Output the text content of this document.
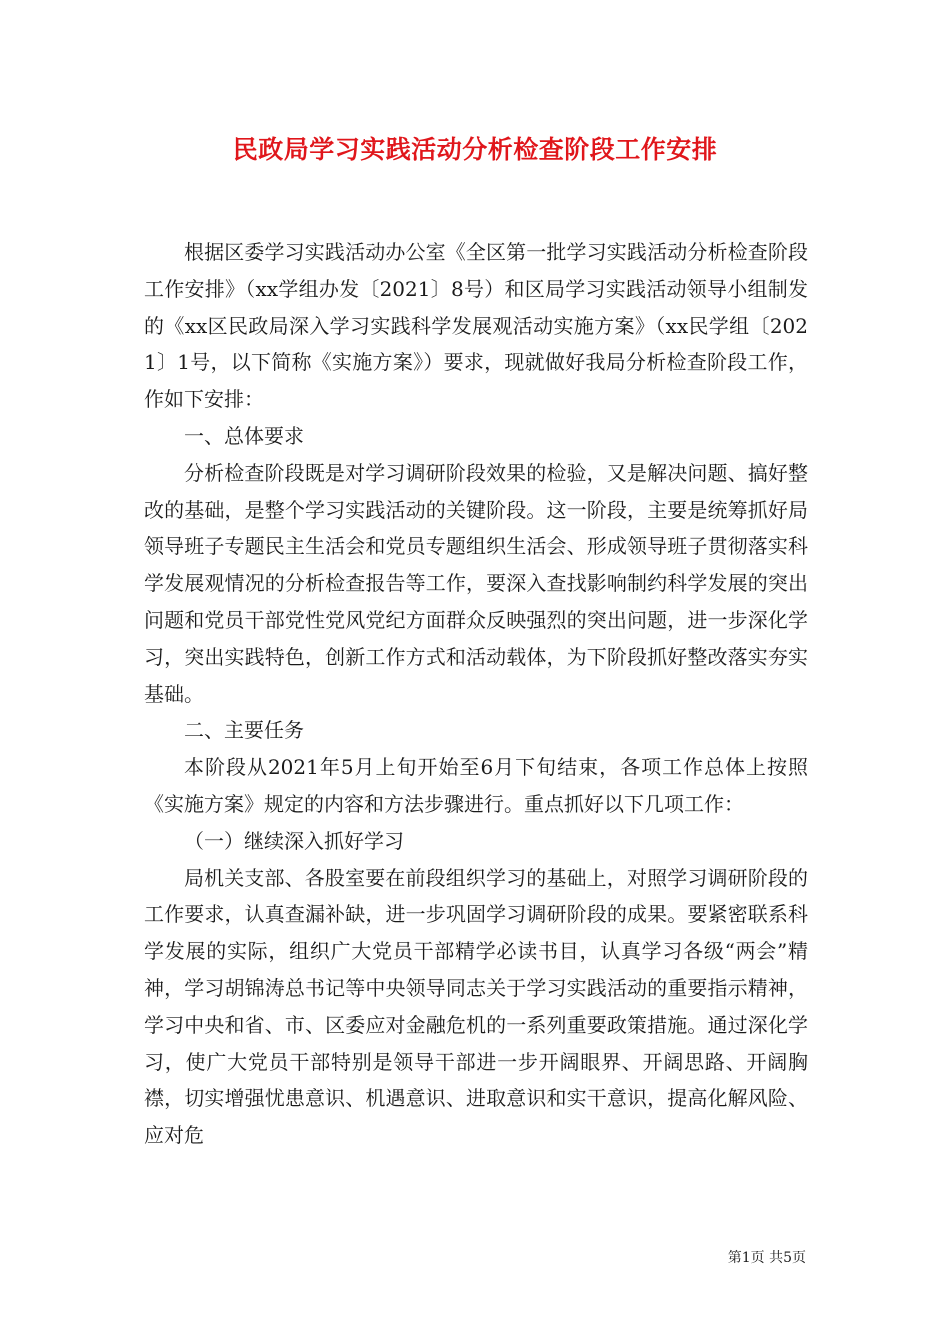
民政局学习实践活动分析检查阶段工作安排

根据区委学习实践活动办公室《全区第一批学习实践活动分析检查阶段工作安排》（xx学组办发〔2021〕8号）和区局学习实践活动领导小组制发的《xx区民政局深入学习实践科学发展观活动实施方案》（xx民学组〔2021〕1号，以下简称《实施方案》）要求，现就做好我局分析检查阶段工作，作如下安排：

一、总体要求

分析检查阶段既是对学习调研阶段效果的检验，又是解决问题、搞好整改的基础，是整个学习实践活动的关键阶段。这一阶段，主要是统筹抓好局领导班子专题民主生活会和党员专题组织生活会、形成领导班子贯彻落实科学发展观情况的分析检查报告等工作，要深入查找影响制约科学发展的突出问题和党员干部党性党风党纪方面群众反映强烈的突出问题，进一步深化学习，突出实践特色，创新工作方式和活动载体，为下阶段抓好整改落实夯实基础。

二、主要任务

本阶段从2021年5月上旬开始至6月下旬结束，各项工作总体上按照《实施方案》规定的内容和方法步骤进行。重点抓好以下几项工作：

（一）继续深入抓好学习

局机关支部、各股室要在前段组织学习的基础上，对照学习调研阶段的工作要求，认真查漏补缺，进一步巩固学习调研阶段的成果。要紧密联系科学发展的实际，组织广大党员干部精学必读书目，认真学习各级“两会”精神，学习胡锦涛总书记等中央领导同志关于学习实践活动的重要指示精神，学习中央和省、市、区委应对金融危机的一系列重要政策措施。通过深化学习，使广大党员干部特别是领导干部进一步开阔眼界、开阔思路、开阔胸襟，切实增强忧患意识、机遇意识、进取意识和实干意识，提高化解风险、应对危

第1页 共5页
